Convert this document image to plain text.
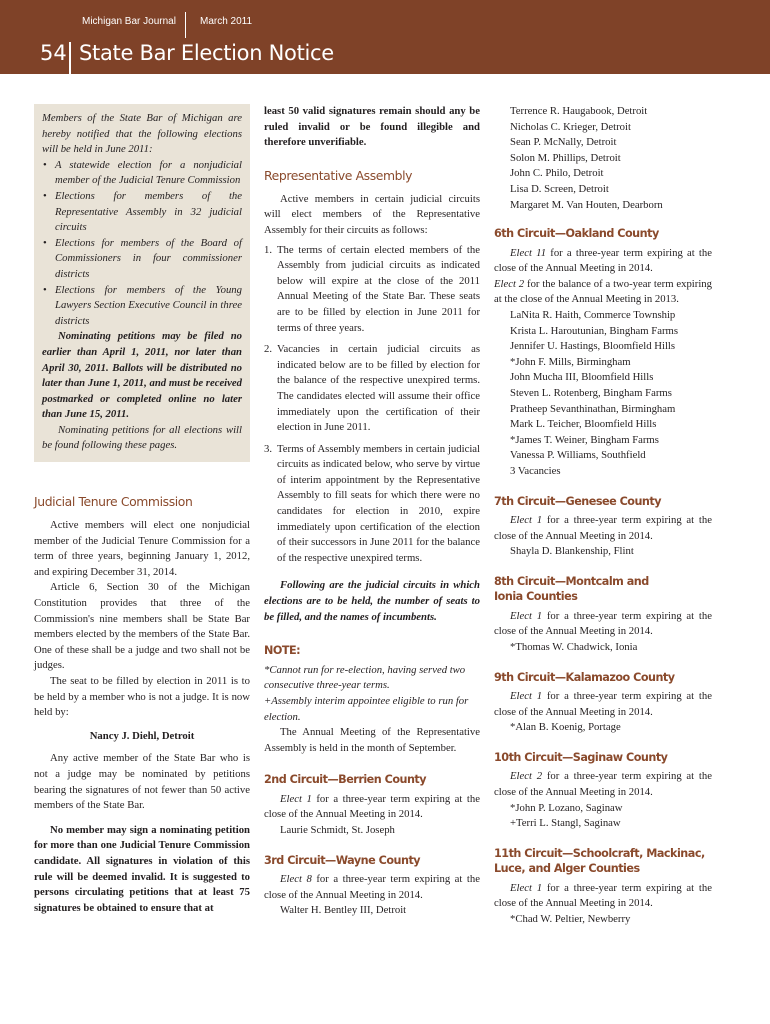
Michigan Bar Journal March 2011
54 State Bar Election Notice

Members of the State Bar of Michigan are hereby notified that the following elections will be held in June 2011:

• A statewide election for a nonjudicial member of the Judicial Tenure Commission
• Elections for members of the Representative Assembly in 32 judicial circuits
• Elections for members of the Board of Commissioners in four commissioner districts
• Elections for members of the Young Lawyers Section Executive Council in three districts

Nominating petitions may be filed no earlier than April 1, 2011, nor later than April 30, 2011. Ballots will be distributed no later than June 1, 2011, and must be received postmarked or completed online no later than June 15, 2011.

Nominating petitions for all elections will be found following these pages.

Judicial Tenure Commission

Active members will elect one nonjudicial member of the Judicial Tenure Commission for a term of three years, beginning January 1, 2012, and expiring December 31, 2014.

Article 6, Section 30 of the Michigan Constitution provides that three of the Commission's nine members shall be State Bar members elected by the members of the State Bar. One of these shall be a judge and two shall not be judges.

The seat to be filled by election in 2011 is to be held by a member who is not a judge. It is now held by:

Nancy J. Diehl, Detroit

Any active member of the State Bar who is not a judge may be nominated by petitions bearing the signatures of not fewer than 50 active members of the State Bar.

No member may sign a nominating petition for more than one Judicial Tenure Commission candidate. All signatures in violation of this rule will be deemed invalid. It is suggested to persons circulating petitions that at least 75 signatures be obtained to ensure that at

least 50 valid signatures remain should any be ruled invalid or be found illegible and therefore unverifiable.

Representative Assembly

Active members in certain judicial circuits will elect members of the Representative Assembly for their circuits as follows:

1. The terms of certain elected members of the Assembly from judicial circuits as indicated below will expire at the close of the 2011 Annual Meeting of the State Bar. These seats are to be filled by election in June 2011 for terms of three years.
2. Vacancies in certain judicial circuits as indicated below are to be filled by election for the balance of the respective unexpired terms. The candidates elected will assume their office immediately upon the certification of their election in June 2011.
3. Terms of Assembly members in certain judicial circuits as indicated below, who serve by virtue of interim appointment by the Representative Assembly to fill seats for which there were no candidates for election in 2010, expire immediately upon certification of the election of their successors in June 2011 for the balance of the respective unexpired terms.

Following are the judicial circuits in which elections are to be held, the number of seats to be filled, and the names of incumbents.

NOTE:

*Cannot run for re-election, having served two consecutive three-year terms.

+Assembly interim appointee eligible to run for election.

The Annual Meeting of the Representative Assembly is held in the month of September.

2nd Circuit—Berrien County

Elect 1 for a three-year term expiring at the close of the Annual Meeting in 2014.

Laurie Schmidt, St. Joseph

3rd Circuit—Wayne County

Elect 8 for a three-year term expiring at the close of the Annual Meeting in 2014.

Walter H. Bentley III, Detroit

Terrence R. Haugabook, Detroit

Nicholas C. Krieger, Detroit

Sean P. McNally, Detroit

Solon M. Phillips, Detroit

John C. Philo, Detroit

Lisa D. Screen, Detroit

Margaret M. Van Houten, Dearborn

6th Circuit—Oakland County

Elect 11 for a three-year term expiring at the close of the Annual Meeting in 2014.

Elect 2 for the balance of a two-year term expiring at the close of the Annual Meeting in 2013.

LaNita R. Haith, Commerce Township

Krista L. Haroutunian, Bingham Farms

Jennifer U. Hastings, Bloomfield Hills

*John F. Mills, Birmingham

John Mucha III, Bloomfield Hills

Steven L. Rotenberg, Bingham Farms

Pratheep Sevanthinathan, Birmingham

Mark L. Teicher, Bloomfield Hills

*James T. Weiner, Bingham Farms

Vanessa P. Williams, Southfield

3 Vacancies

7th Circuit—Genesee County

Elect 1 for a three-year term expiring at the close of the Annual Meeting in 2014.

Shayla D. Blankenship, Flint

8th Circuit—Montcalm and
Ionia Counties

Elect 1 for a three-year term expiring at the close of the Annual Meeting in 2014.

*Thomas W. Chadwick, Ionia

9th Circuit—Kalamazoo County

Elect 1 for a three-year term expiring at the close of the Annual Meeting in 2014.

*Alan B. Koenig, Portage

10th Circuit—Saginaw County

Elect 2 for a three-year term expiring at the close of the Annual Meeting in 2014.

*John P. Lozano, Saginaw

+Terri L. Stangl, Saginaw

11th Circuit—Schoolcraft, Mackinac,
Luce, and Alger Counties

Elect 1 for a three-year term expiring at the close of the Annual Meeting in 2014.

*Chad W. Peltier, Newberry
